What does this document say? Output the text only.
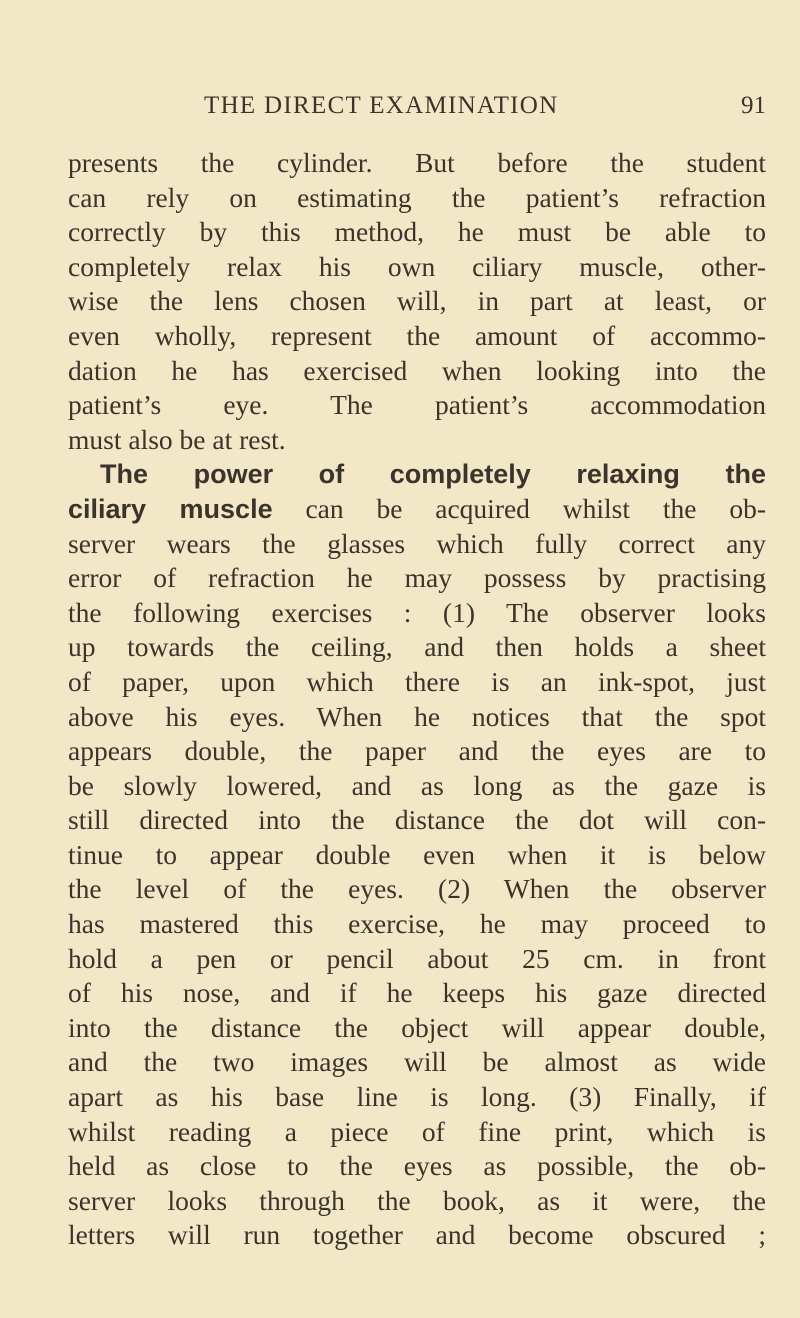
THE DIRECT EXAMINATION	91
presents the cylinder. But before the student
can rely on estimating the patient’s refraction
correctly by this method, he must be able to
completely relax his own ciliary muscle, other-
wise the lens chosen will, in part at least, or
even wholly, represent the amount of accommo-
dation he has exercised when looking into the
patient’s eye. The patient’s accommodation
must also be at rest.
The power of completely relaxing the
ciliary muscle can be acquired whilst the ob-
server wears the glasses which fully correct any
error of refraction he may possess by practising
the following exercises : (1) The observer looks
up towards the ceiling, and then holds a sheet
of paper, upon which there is an ink-spot, just
above his eyes. When he notices that the spot
appears double, the paper and the eyes are to
be slowly lowered, and as long as the gaze is
still directed into the distance the dot will con-
tinue to appear double even when it is below
the level of the eyes. (2) When the observer
has mastered this exercise, he may proceed to
hold a pen or pencil about 25 cm. in front
of his nose, and if he keeps his gaze directed
into the distance the object will appear double,
and the two images will be almost as wide
apart as his base line is long. (3) Finally, if
whilst reading a piece of fine print, which is
held as close to the eyes as possible, the ob-
server looks through the book, as it were, the
letters will run together and become obscured ;
